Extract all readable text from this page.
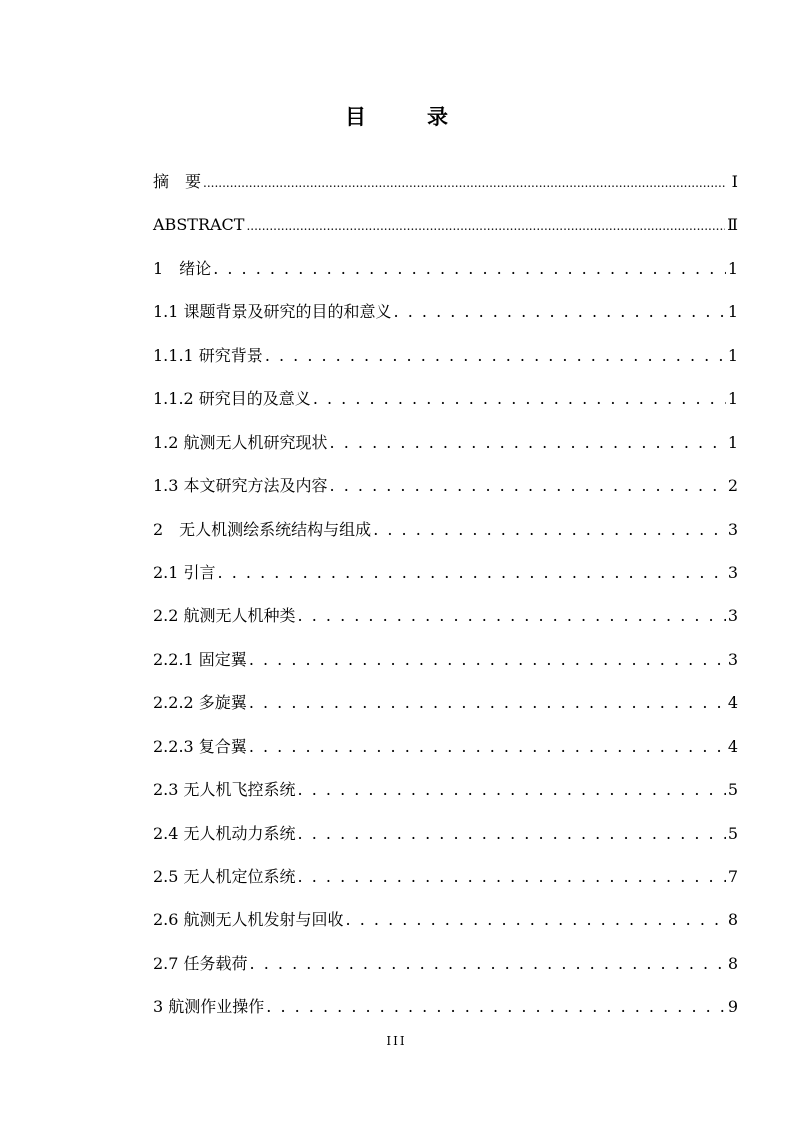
目　录
摘　要 .....	Ⅰ
ABSTRACT .....	Ⅱ
1　绪论 . . .	1
1.1 课题背景及研究的目的和意义 . . .	1
1.1.1 研究背景 . . .	1
1.1.2 研究目的及意义 . . .	1
1.2 航测无人机研究现状 . . .	1
1.3 本文研究方法及内容 . . .	2
2　无人机测绘系统结构与组成 . . .	3
2.1 引言 . . .	3
2.2 航测无人机种类 . . .	3
2.2.1 固定翼 . . .	3
2.2.2 多旋翼 . . .	4
2.2.3 复合翼 . . .	4
2.3 无人机飞控系统 . . .	5
2.4 无人机动力系统 . . .	5
2.5 无人机定位系统 . . .	7
2.6 航测无人机发射与回收 . . .	8
2.7 任务载荷 . . .	8
3 航测作业操作 . . .	9
III
